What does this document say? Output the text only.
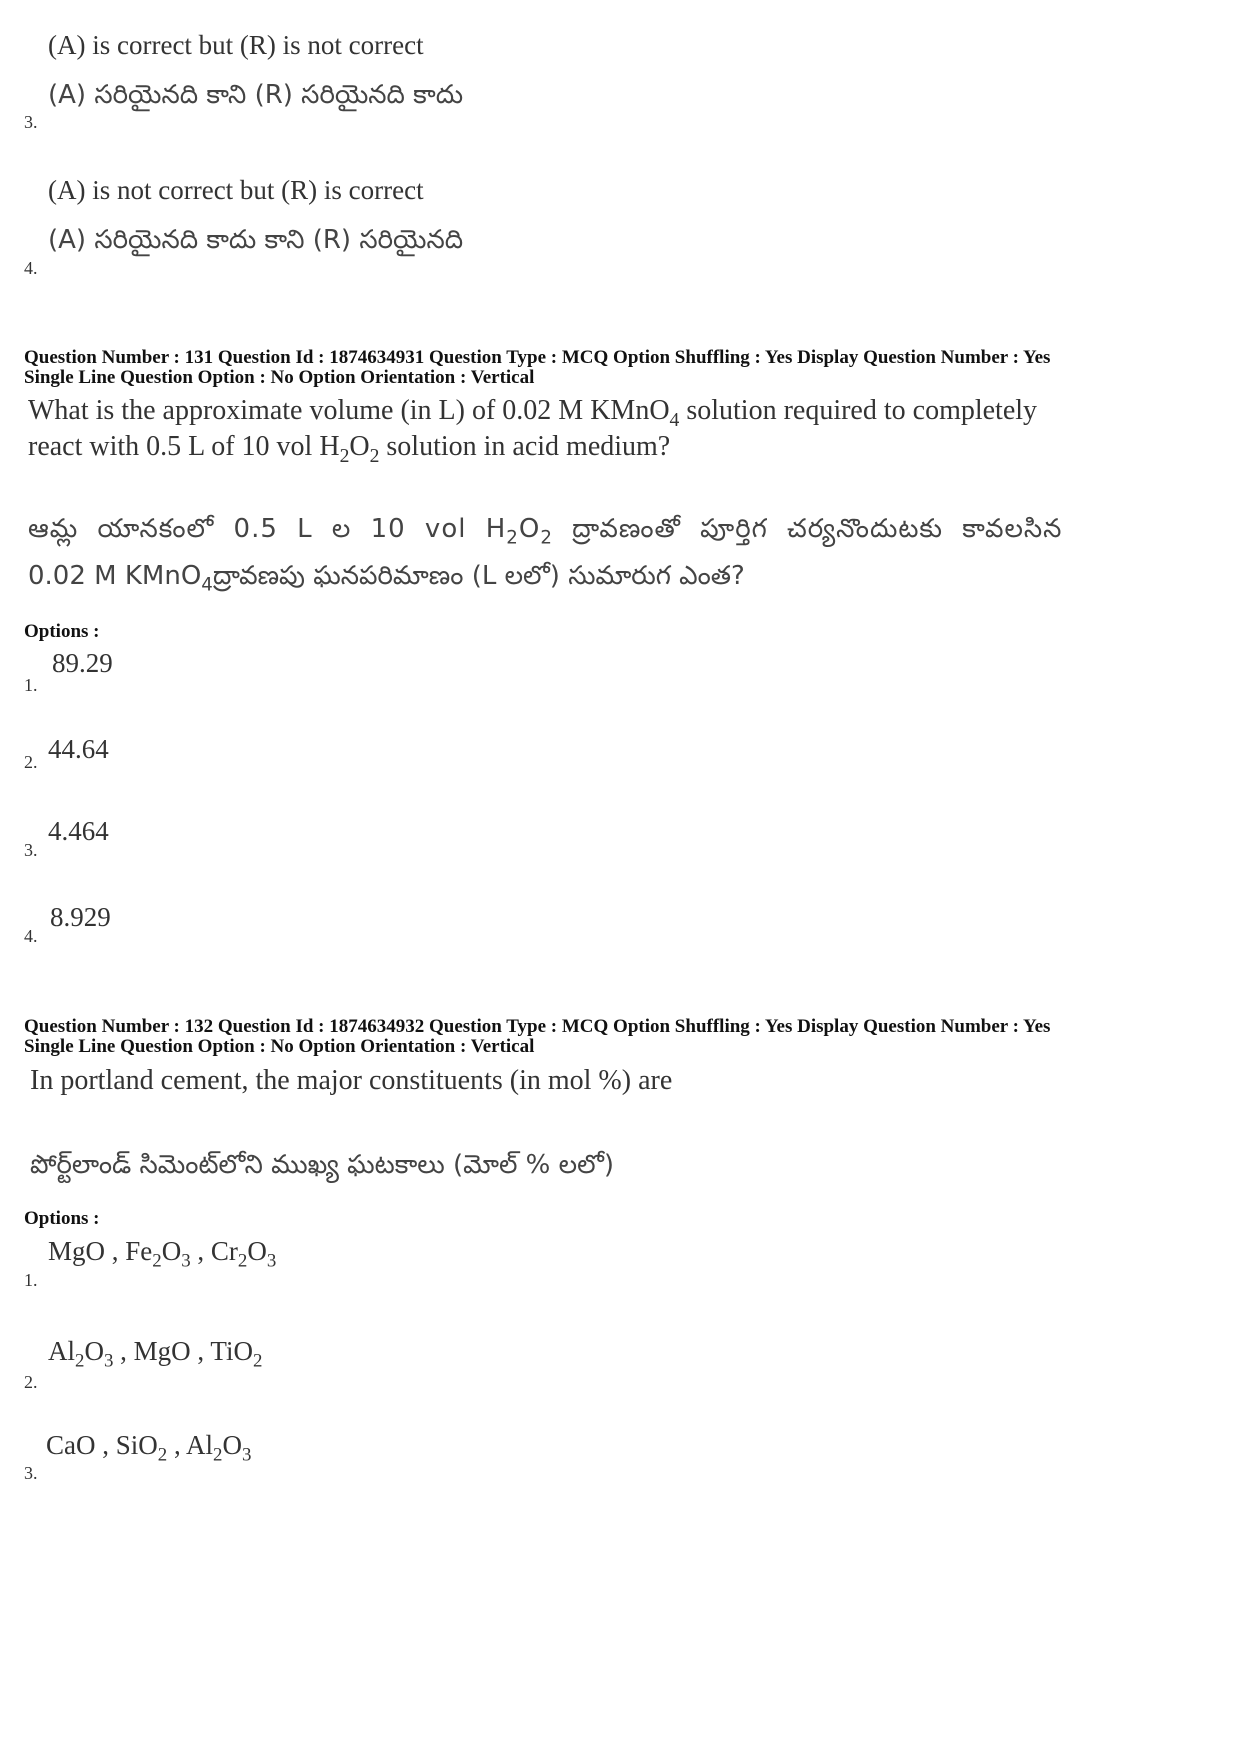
(A) is correct but (R) is not correct
(A) సరియైనది కాని (R) సరియైనది కాదు
3.
(A) is not correct but (R) is correct
(A) సరియైనది కాదు కాని (R) సరియైనది
4.
Question Number : 131 Question Id : 1874634931 Question Type : MCQ Option Shuffling : Yes Display Question Number : Yes
Single Line Question Option : No Option Orientation : Vertical
What is the approximate volume (in L) of 0.02 M KMnO$_4$ solution required to completely
react with 0.5 L of 10 vol $H_2O_2$ solution in acid medium?
ఆమ్ల యానకంలో 0.5 L ల 10 vol $H_2O_2$ ద్రావణంతో పూర్తిగ చర్యనొందుటకు కావలసిన
0.02 M KMnO$_4$ద్రావణపు ఘనపరిమాణం (L లలో) సుమారుగ ఎంత?
Options :
89.29
1.
2. 44.64
4.464
3.
8.929
4.
Question Number : 132 Question Id : 1874634932 Question Type : MCQ Option Shuffling : Yes Display Question Number : Yes
Single Line Question Option : No Option Orientation : Vertical
In portland cement, the major constituents (in mol %) are
పోర్ట్‌లాండ్ సిమెంట్‌లోని ముఖ్య ఘటకాలు (మోల్ % లలో)
Options :
MgO , $Fe_2O_3$ , $Cr_2O_3$
1.
$Al_2O_3$ , MgO , TiO$_2$
2.
CaO , SiO$_2$ , $Al_2O_3$
3.
